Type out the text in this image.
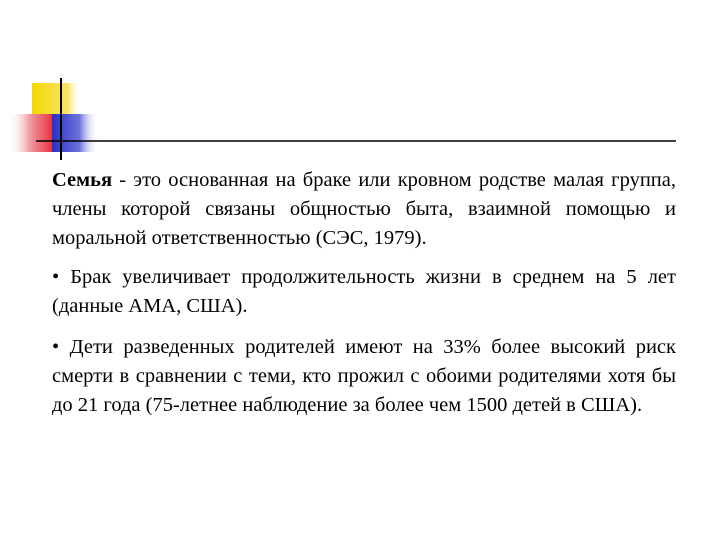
Семья - это основанная на браке или кровном родстве малая группа, члены которой связаны общностью быта, взаимной помощью и моральной ответственностью (СЭС, 1979).

• Брак увеличивает продолжительность жизни в среднем на 5 лет (данные АМА, США).

• Дети разведенных родителей имеют на 33% более высокий риск смерти в сравнении с теми, кто прожил с обоими родителями хотя бы до 21 года (75-летнее наблюдение за более чем 1500 детей в США).
